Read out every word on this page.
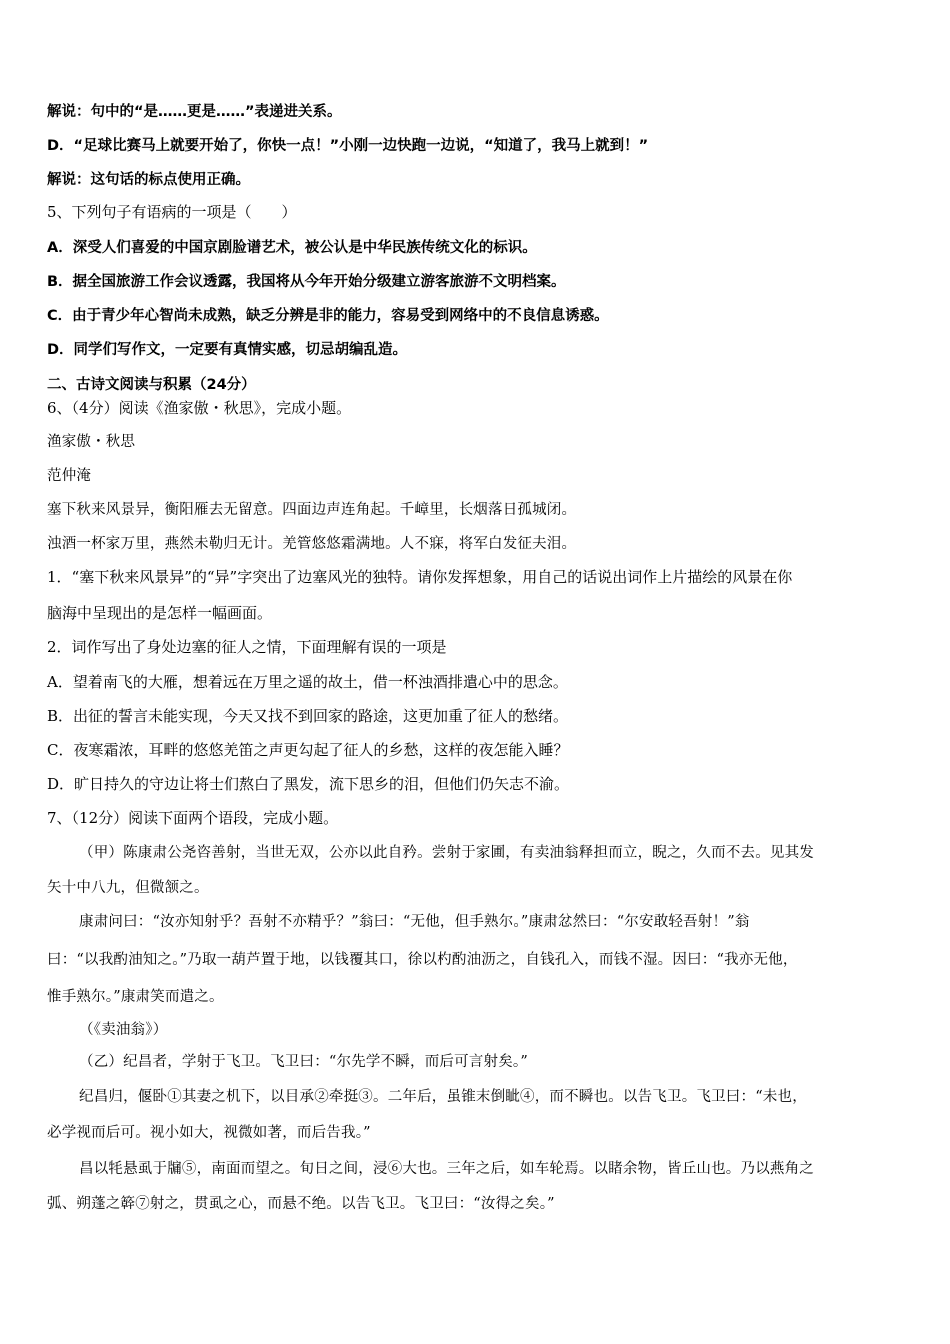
解说：句中的“是……更是……”表递进关系。
D．“足球比赛马上就要开始了，你快一点！”小刚一边快跑一边说，“知道了，我马上就到！”
解说：这句话的标点使用正确。
5、下列句子有语病的一项是（　　）
A．深受人们喜爱的中国京剧脸谱艺术，被公认是中华民族传统文化的标识。
B．据全国旅游工作会议透露，我国将从今年开始分级建立游客旅游不文明档案。
C．由于青少年心智尚未成熟，缺乏分辨是非的能力，容易受到网络中的不良信息诱惑。
D．同学们写作文，一定要有真情实感，切忌胡编乱造。
二、古诗文阅读与积累（24分）
6、（4分）阅读《渔家傲・秋思》，完成小题。
渔家傲・秋思
范仲淹
塞下秋来风景异，衡阳雁去无留意。四面边声连角起。千嶂里，长烟落日孤城闭。
浊酒一杯家万里，燕然未勒归无计。羌管悠悠霜满地。人不寐，将军白发征夫泪。
1．“塞下秋来风景异”的“异”字突出了边塞风光的独特。请你发挥想象，用自己的话说出词作上片描绘的风景在你
脑海中呈现出的是怎样一幅画面。
2．词作写出了身处边塞的征人之情，下面理解有误的一项是
A．望着南飞的大雁，想着远在万里之遥的故土，借一杯浊酒排遣心中的思念。
B．出征的誓言未能实现，今天又找不到回家的路途，这更加重了征人的愁绪。
C．夜寒霜浓，耳畔的悠悠羌笛之声更勾起了征人的乡愁，这样的夜怎能入睡？
D．旷日持久的守边让将士们熬白了黑发，流下思乡的泪，但他们仍矢志不渝。
7、（12分）阅读下面两个语段，完成小题。
（甲）陈康肃公尧咨善射，当世无双，公亦以此自矜。尝射于家圃，有卖油翁释担而立，睨之，久而不去。见其发
矢十中八九，但微颔之。
康肃问曰：“汝亦知射乎？吾射不亦精乎？”翁曰：“无他，但手熟尔。”康肃忿然曰：“尔安敢轻吾射！”翁
曰：“以我酌油知之。”乃取一葫芦置于地，以钱覆其口，徐以杓酌油沥之，自钱孔入，而钱不湿。因曰：“我亦无他，
惟手熟尔。”康肃笑而遣之。
（《卖油翁》）
（乙）纪昌者，学射于飞卫。飞卫曰：“尔先学不瞬，而后可言射矣。”
纪昌归，偃卧①其妻之机下，以目承②牵挺③。二年后，虽锥末倒眦④，而不瞬也。以告飞卫。飞卫曰：“未也，
必学视而后可。视小如大，视微如著，而后告我。”
昌以牦悬虱于牖⑤，南面而望之。旬日之间，浸⑥大也。三年之后，如车轮焉。以睹余物，皆丘山也。乃以燕角之
弧、朔蓬之簳⑦射之，贯虱之心，而悬不绝。以告飞卫。飞卫曰：“汝得之矣。”
